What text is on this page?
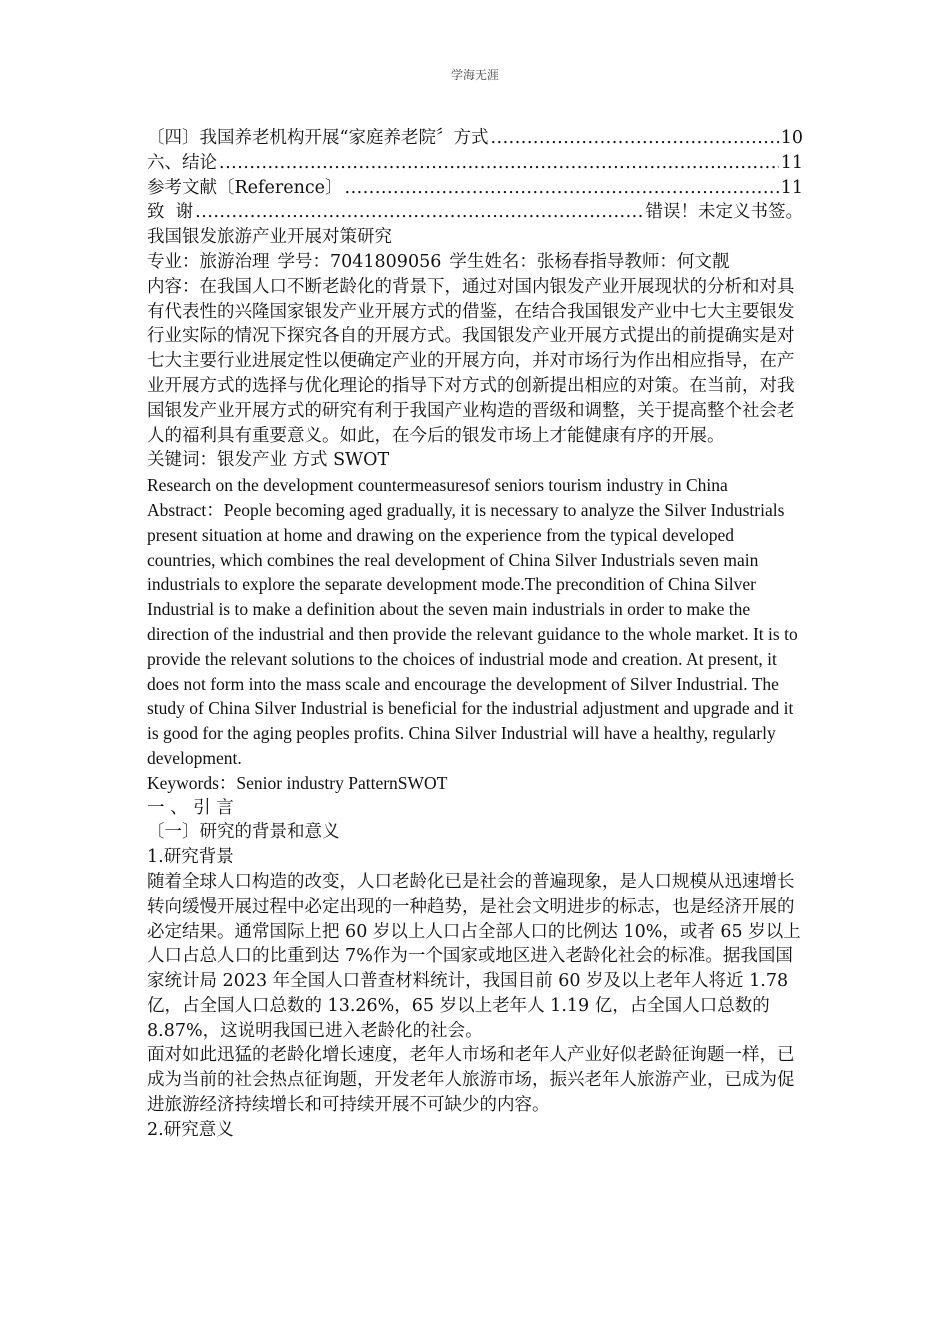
学海无涯
〔四〕我国养老机构开展“家庭养老院〞方式 .....	10
六、结论 .....	11
参考文献〔Reference〕 .....	11
致  谢 .....	错误！未定义书签。

我国银发旅游产业开展对策研究

专业：旅游治理 学号：7041809056 学生姓名：张杨春指导教师：何文靓

内容：在我国人口不断老龄化的背景下，通过对国内银发产业开展现状的分析和对具有代表性的兴隆国家银发产业开展方式的借鉴，在结合我国银发产业中七大主要银发行业实际的情况下探究各自的开展方式。我国银发产业开展方式提出的前提确实是对七大主要行业进展定性以便确定产业的开展方向，并对市场行为作出相应指导，在产业开展方式的选择与优化理论的指导下对方式的创新提出相应的对策。在当前，对我国银发产业开展方式的研究有利于我国产业构造的晋级和调整，关于提高整个社会老人的福利具有重要意义。如此，在今后的银发市场上才能健康有序的开展。

关键词：银发产业 方式 SWOT

Research on the development countermeasuresof seniors tourism industry in China

Abstract：People becoming aged gradually, it is necessary to analyze the Silver Industrials present situation at home and drawing on the experience from the typical developed countries, which combines the real development of China Silver Industrials seven main industrials to explore the separate development mode.The precondition of China Silver Industrial is to make a definition about the seven main industrials in order to make the direction of the industrial and then provide the relevant guidance to the whole market. It is to provide the relevant solutions to the choices of industrial mode and creation. At present, it does not form into the mass scale and encourage the development of Silver Industrial. The study of China Silver Industrial is beneficial for the industrial adjustment and upgrade and it is good for the aging peoples profits. China Silver Industrial will have a healthy, regularly development.

Keywords：Senior industry PatternSWOT

一 、 引 言

〔一〕研究的背景和意义

1.研究背景

随着全球人口构造的改变，人口老龄化已是社会的普遍现象，是人口规模从迅速增长转向缓慢开展过程中必定出现的一种趋势，是社会文明进步的标志，也是经济开展的必定结果。通常国际上把 60 岁以上人口占全部人口的比例达 10%，或者 65 岁以上人口占总人口的比重到达 7%作为一个国家或地区进入老龄化社会的标准。据我国国家统计局 2023 年全国人口普查材料统计，我国目前 60 岁及以上老年人将近 1.78 亿，占全国人口总数的 13.26%，65 岁以上老年人 1.19 亿，占全国人口总数的 8.87%，这说明我国已进入老龄化的社会。

面对如此迅猛的老龄化增长速度，老年人市场和老年人产业好似老龄征询题一样，已成为当前的社会热点征询题，开发老年人旅游市场，振兴老年人旅游产业，已成为促进旅游经济持续增长和可持续开展不可缺少的内容。

2.研究意义
